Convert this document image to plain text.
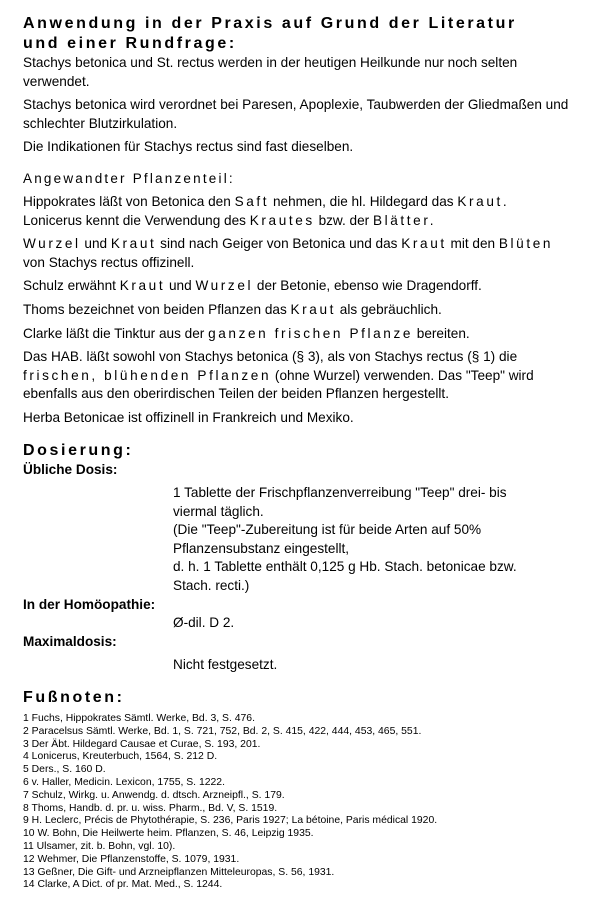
Anwendung in der Praxis auf Grund der Literatur
und einer Rundfrage:

Stachys betonica und St. rectus werden in der heutigen Heilkunde nur noch selten verwendet.

Stachys betonica wird verordnet bei Paresen, Apoplexie, Taubwerden der Gliedmaßen und schlechter Blutzirkulation.

Die Indikationen für Stachys rectus sind fast dieselben.

Angewandter Pflanzenteil:

Hippokrates läßt von Betonica den Saft nehmen, die hl. Hildegard das Kraut. Lonicerus kennt die Verwendung des Krautes bzw. der Blätter.

Wurzel und Kraut sind nach Geiger von Betonica und das Kraut mit den Blüten von Stachys rectus offizinell.

Schulz erwähnt Kraut und Wurzel der Betonie, ebenso wie Dragendorff.

Thoms bezeichnet von beiden Pflanzen das Kraut als gebräuchlich.

Clarke läßt die Tinktur aus der ganzen frischen Pflanze bereiten.

Das HAB. läßt sowohl von Stachys betonica (§ 3), als von Stachys rectus (§ 1) die frischen, blühenden Pflanzen (ohne Wurzel) verwenden. Das "Teep" wird ebenfalls aus den oberirdischen Teilen der beiden Pflanzen hergestellt.

Herba Betonicae ist offizinell in Frankreich und Mexiko.

Dosierung:
Übliche Dosis:
1 Tablette der Frischpflanzenverreibung "Teep" drei- bis viermal täglich.
(Die "Teep"-Zubereitung ist für beide Arten auf 50% Pflanzensubstanz eingestellt,
d. h. 1 Tablette enthält 0,125 g Hb. Stach. betonicae bzw. Stach. recti.)
In der Homöopathie:
Ø-dil. D 2.
Maximaldosis:
Nicht festgesetzt.
Fußnoten:
1 Fuchs, Hippokrates Sämtl. Werke, Bd. 3, S. 476.
2 Paracelsus Sämtl. Werke, Bd. 1, S. 721, 752, Bd. 2, S. 415, 422, 444, 453, 465, 551.
3 Der Äbt. Hildegard Causae et Curae, S. 193, 201.
4 Lonicerus, Kreuterbuch, 1564, S. 212 D.
5 Ders., S. 160 D.
6 v. Haller, Medicin. Lexicon, 1755, S. 1222.
7 Schulz, Wirkg. u. Anwendg. d. dtsch. Arzneipfl., S. 179.
8 Thoms, Handb. d. pr. u. wiss. Pharm., Bd. V, S. 1519.
9 H. Leclerc, Précis de Phytothérapie, S. 236, Paris 1927; La bétoine, Paris médical 1920.
10 W. Bohn, Die Heilwerte heim. Pflanzen, S. 46, Leipzig 1935.
11 Ulsamer, zit. b. Bohn, vgl. 10).
12 Wehmer, Die Pflanzenstoffe, S. 1079, 1931.
13 Geßner, Die Gift- und Arzneipflanzen Mitteleuropas, S. 56, 1931.
14 Clarke, A Dict. of pr. Mat. Med., S. 1244.
